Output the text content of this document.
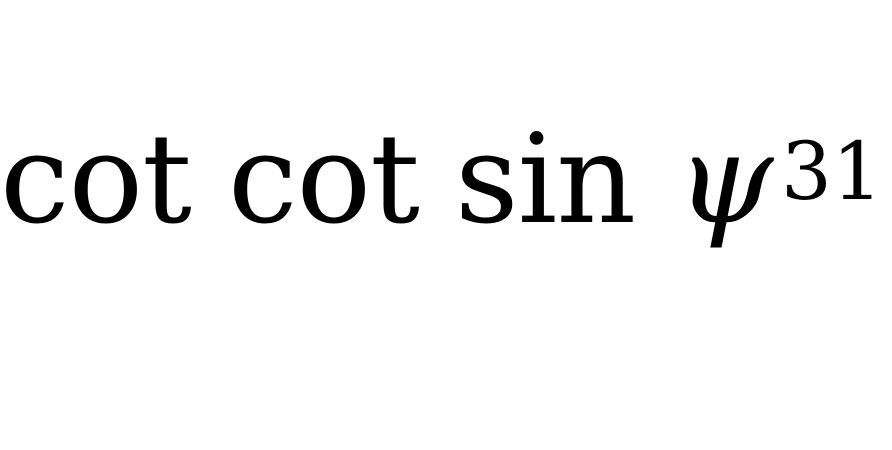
cot cot sin ψ 31
